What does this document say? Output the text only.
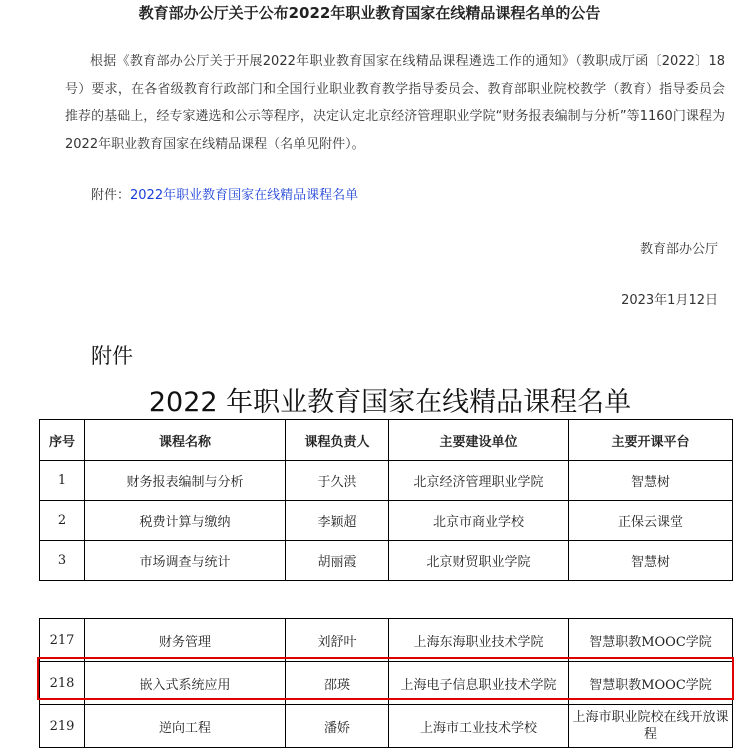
教育部办公厅关于公布2022年职业教育国家在线精品课程名单的公告
根据《教育部办公厅关于开展2022年职业教育国家在线精品课程遴选工作的通知》（教职成厅函〔2022〕18号）要求，在各省级教育行政部门和全国行业职业教育教学指导委员会、教育部职业院校教学（教育）指导委员会推荐的基础上，经专家遴选和公示等程序，决定认定北京经济管理职业学院“财务报表编制与分析”等1160门课程为2022年职业教育国家在线精品课程（名单见附件）。
附件：2022年职业教育国家在线精品课程名单
教育部办公厅
2023年1月12日
附件
2022 年职业教育国家在线精品课程名单
序号	课程名称	课程负责人	主要建设单位	主要开课平台
1	财务报表编制与分析	于久洪	北京经济管理职业学院	智慧树
2	税费计算与缴纳	李颖超	北京市商业学校	正保云课堂
3	市场调查与统计	胡丽霞	北京财贸职业学院	智慧树
217	财务管理	刘舒叶	上海东海职业技术学院	智慧职教MOOC学院
218	嵌入式系统应用	邵瑛	上海电子信息职业技术学院	智慧职教MOOC学院
219	逆向工程	潘娇	上海市工业技术学校	上海市职业院校在线开放课程
